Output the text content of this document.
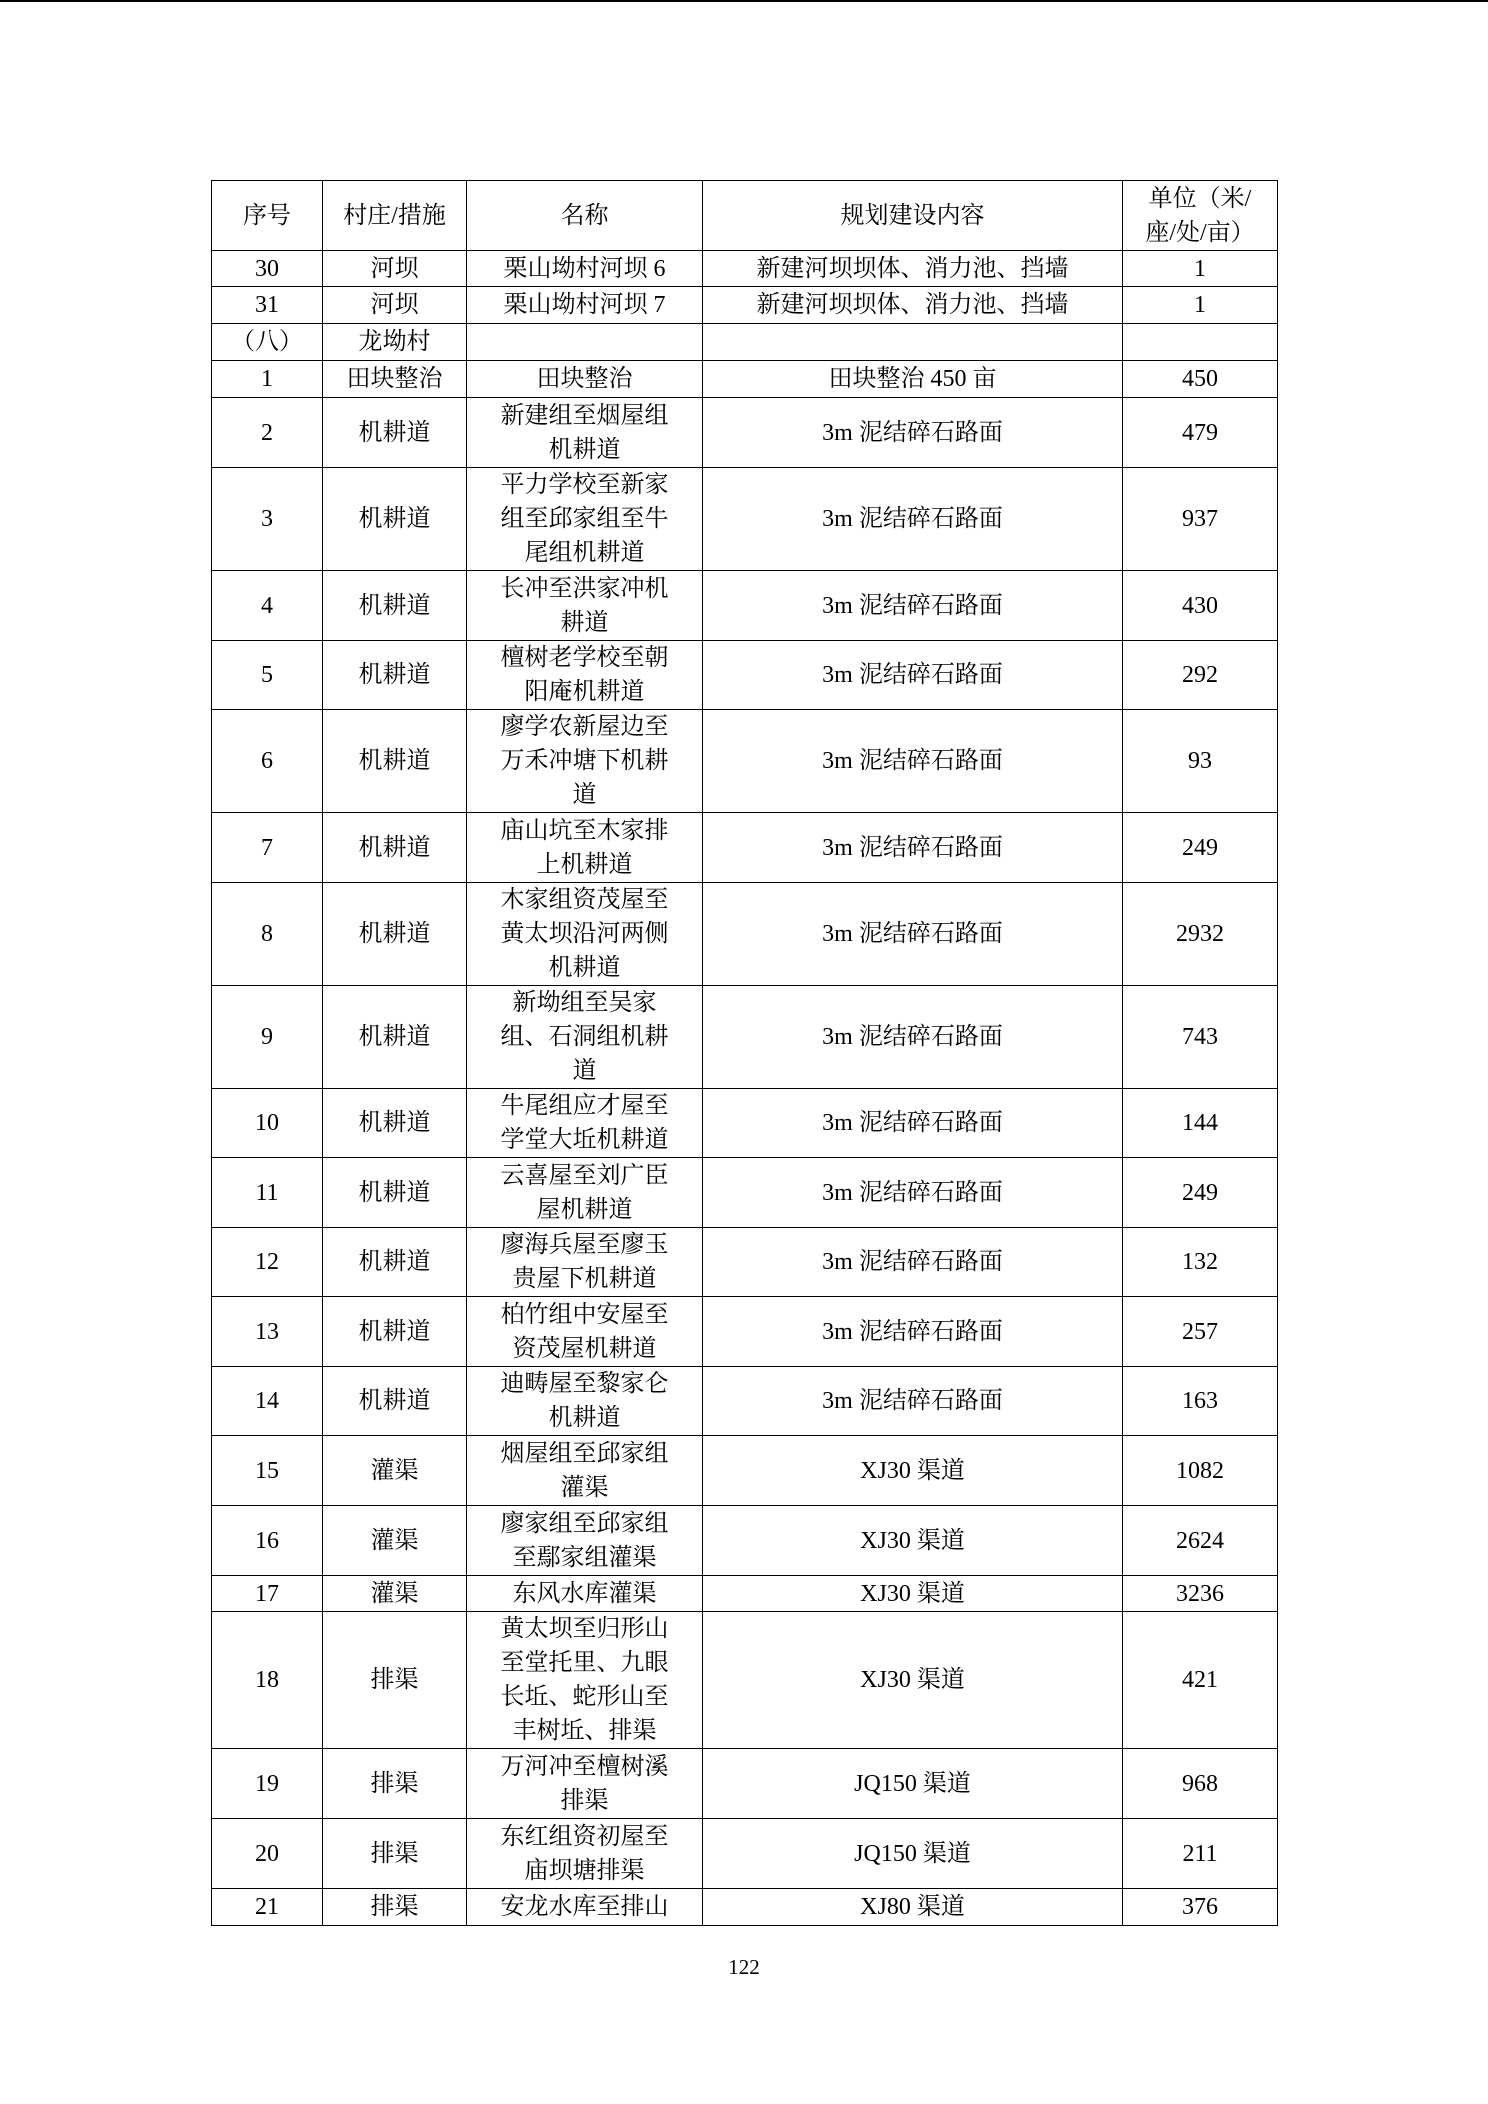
序号	村庄/措施	名称	规划建设内容	单位（米/
座/处/亩）
30	河坝	栗山坳村河坝 6	新建河坝坝体、消力池、挡墙	1
31	河坝	栗山坳村河坝 7	新建河坝坝体、消力池、挡墙	1
（八）	龙坳村			
1	田块整治	田块整治	田块整治 450 亩	450
2	机耕道	新建组至烟屋组
机耕道	3m 泥结碎石路面	479
3	机耕道	平力学校至新家
组至邱家组至牛
尾组机耕道	3m 泥结碎石路面	937
4	机耕道	长冲至洪家冲机
耕道	3m 泥结碎石路面	430
5	机耕道	檀树老学校至朝
阳庵机耕道	3m 泥结碎石路面	292
6	机耕道	廖学农新屋边至
万禾冲塘下机耕
道	3m 泥结碎石路面	93
7	机耕道	庙山坑至木家排
上机耕道	3m 泥结碎石路面	249
8	机耕道	木家组资茂屋至
黄太坝沿河两侧
机耕道	3m 泥结碎石路面	2932
9	机耕道	新坳组至吴家
组、石洞组机耕
道	3m 泥结碎石路面	743
10	机耕道	牛尾组应才屋至
学堂大坵机耕道	3m 泥结碎石路面	144
11	机耕道	云喜屋至刘广臣
屋机耕道	3m 泥结碎石路面	249
12	机耕道	廖海兵屋至廖玉
贵屋下机耕道	3m 泥结碎石路面	132
13	机耕道	柏竹组中安屋至
资茂屋机耕道	3m 泥结碎石路面	257
14	机耕道	迪畴屋至黎家仑
机耕道	3m 泥结碎石路面	163
15	灌渠	烟屋组至邱家组
灌渠	XJ30 渠道	1082
16	灌渠	廖家组至邱家组
至鄢家组灌渠	XJ30 渠道	2624
17	灌渠	东风水库灌渠	XJ30 渠道	3236
18	排渠	黄太坝至归形山
至堂托里、九眼
长坵、蛇形山至
丰树坵、排渠	XJ30 渠道	421
19	排渠	万河冲至檀树溪
排渠	JQ150 渠道	968
20	排渠	东红组资初屋至
庙坝塘排渠	JQ150 渠道	211
21	排渠	安龙水库至排山	XJ80 渠道	376
122
